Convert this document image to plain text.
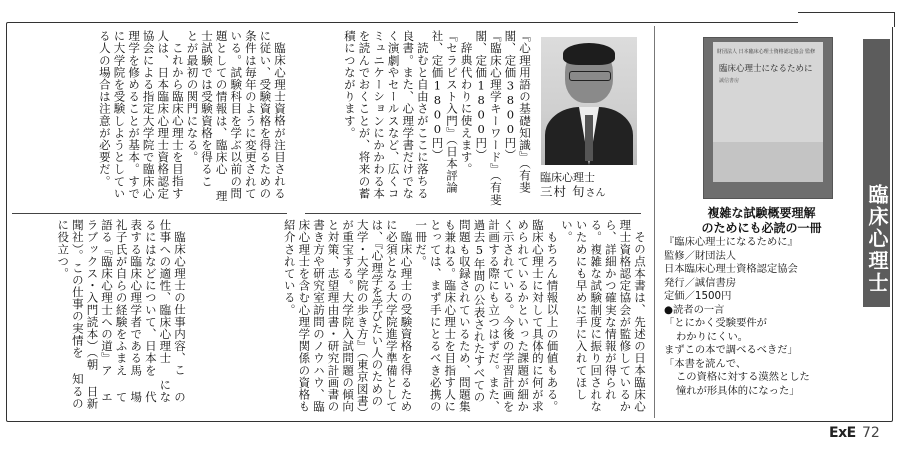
臨床心理士資格が注目される に従い、受験資格を得るための 条件は毎年のように変更されて いる。試験科目を学ぶ以前の問 題としての情報は、臨床心 理士試験では受験資格を得るこ とが最初の関門になる。

これから臨床心理士を目指す 人は、日本臨床心理士資格認定 協会による指定大学院で臨床心 理学を修めることが基本。すで に大学院を受験しようとしてい る人の場合は注意が必要だ。	『心理用語の基礎知識』（有斐閣、定価3800円）

『臨床心理学キーワード』（有斐閣、定価1800円）

辞典代わりに使えます。

『セラピスト入門』（日本評論社、定価1800円）

読むと自由さがここに落ちる良書。また、心理学書だけでなく演劇やセールスなど、広くコミュニケーションにかかわる本を読んでおくことが、将来の蓄積につながります。

臨床心理士の仕事内容、こ の仕事への適性、臨床心理士 になるにはなどについて、日本を 代表する臨床心理学者である馬 場礼子氏が自らの経験をふまえ て語る『臨床心理士への道』ア エラブックス・入門読本）（朝 日新聞社）。この仕事の実情を 知るのに役立つ。	その点本書は、先述の日本臨床心理士資格認定協会が監修しているから、詳細かつ確実な情報が得られる。複雑な試験制度に振り回されないためにも早めに手に入れてほしい。

もちろん情報以上の価値もある。臨床心理士に対して具体的に何が求められているかといった課題が細かく示されている。今後の学習計画を計画する際にも立つはずだ。また、過去5年間の公表されたすべての問題も収録されているため、問題集も兼ねる。臨床心理士を目指す人にとっては、まず手にとるべき必携の一冊だ。

臨床心理士の受験資格を得るために必須となる大学院進学準備としては、『心理学を学びたい人のための大学・大学院の歩き方』（東京図書）が重宝する。大学院入試問題の傾向と対策、志望理由書・研究計画書の書き方や研究室訪問のノウハウ、臨床心理士を含む心理学関係の資格も紹介されている。

臨床心理士
三村 旬さん
財団法人 日本臨床心理士資格認定協会 監修
臨床心理士になるために
誠信書房
臨床心理士
複雑な試験概要理解
のためにも必読の一冊
『臨床心理士になるために』
監修／財団法人
日本臨床心理士資格認定協会
発行／誠信書房
定価／1500円
●読者の一言
「とにかく受験要件が
わかりにくい。
まずこの本で調べるべきだ」
「本書を読んで、
この資格に対する漠然とした
憧れが形具体的になった」
ExE 72
